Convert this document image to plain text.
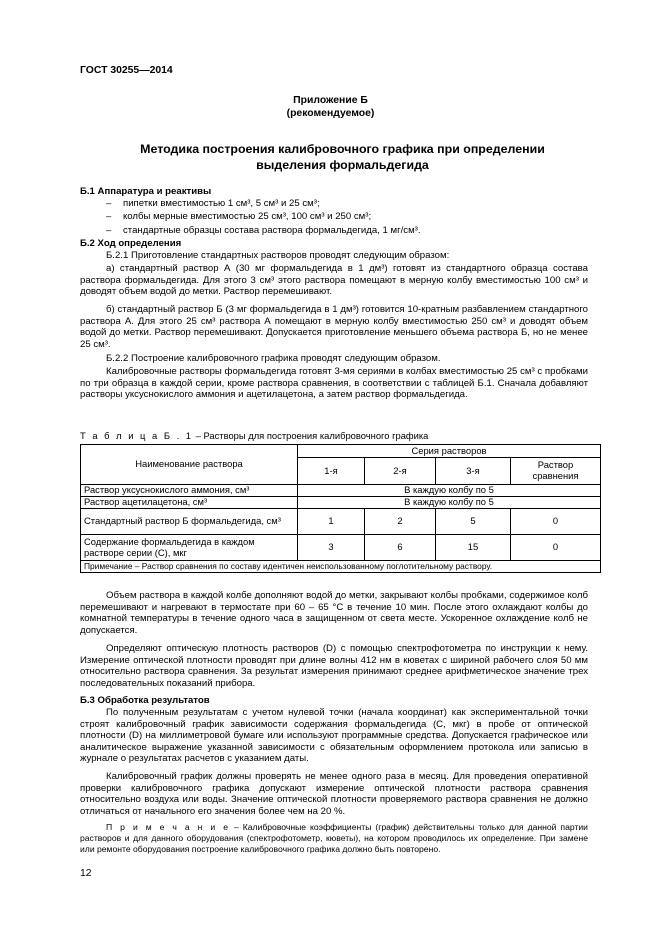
ГОСТ 30255—2014
Приложение Б
(рекомендуемое)
Методика построения калибровочного графика при определении
выделения формальдегида
Б.1 Аппаратура и реактивы
– пипетки вместимостью 1 см³, 5 см³ и 25 см³;
– колбы мерные вместимостью 25 см³, 100 см³ и 250 см³;
– стандартные образцы состава раствора формальдегида, 1 мг/см³.
Б.2 Ход определения
Б.2.1 Приготовление стандартных растворов проводят следующим образом:
а) стандартный раствор А (30 мг формальдегида в 1 дм³) готовят из стандартного образца состава раствора формальдегида. Для этого 3 см³ этого раствора помещают в мерную колбу вместимостью 100 см³ и доводят объем водой до метки. Раствор перемешивают.
б) стандартный раствор Б (3 мг формальдегида в 1 дм³) готовится 10-кратным разбавлением стандартного раствора А. Для этого 25 см³ раствора А помещают в мерную колбу вместимостью 250 см³ и доводят объем водой до метки. Раствор перемешивают. Допускается приготовление меньшего объема раствора Б, но не менее 25 см³.
Б.2.2 Построение калибровочного графика проводят следующим образом.
Калибровочные растворы формальдегида готовят 3-мя сериями в колбах вместимостью 25 см³ с пробками по три образца в каждой серии, кроме раствора сравнения, в соответствии с таблицей Б.1. Сначала добавляют растворы уксуснокислого аммония и ацетилацетона, а затем раствор формальдегида.
Т а б л и ц а Б . 1 – Растворы для построения калибровочного графика
Наименование раствора	Серия растворов			
	1-я	2-я	3-я	Раствор сравнения
Раствор уксуснокислого аммония, см³	В каждую колбу по 5			
Раствор ацетилацетона, см³	В каждую колбу по 5			
Стандартный раствор Б формальдегида, см³	1	2	5	0
Содержание формальдегида в каждом растворе серии (С), мкг	3	6	15	0
Примечание – Раствор сравнения по составу идентичен неиспользованному поглотительному раствору.				
Объем раствора в каждой колбе дополняют водой до метки, закрывают колбы пробками, содержимое колб перемешивают и нагревают в термостате при 60 – 65 °С в течение 10 мин. После этого охлаждают колбы до комнатной температуры в течение одного часа в защищенном от света месте. Ускоренное охлаждение колб не допускается.
Определяют оптическую плотность растворов (D) с помощью спектрофотометра по инструкции к нему. Измерение оптической плотности проводят при длине волны 412 нм в кюветах с шириной рабочего слоя 50 мм относительно раствора сравнения. За результат измерения принимают среднее арифметическое значение трех последовательных показаний прибора.
Б.3 Обработка результатов
По полученным результатам с учетом нулевой точки (начала координат) как экспериментальной точки строят калибровочный график зависимости содержания формальдегида (С, мкг) в пробе от оптической плотности (D) на миллиметровой бумаге или используют программные средства. Допускается графическое или аналитическое выражение указанной зависимости с обязательным оформлением протокола или записью в журнале о результатах расчетов с указанием даты.
Калибровочный график должны проверять не менее одного раза в месяц. Для проведения оперативной проверки калибровочного графика допускают измерение оптической плотности раствора сравнения относительно воздуха или воды. Значение оптической плотности проверяемого раствора сравнения не должно отличаться от начального его значения более чем на 20 %.
П р и м е ч а н и е – Калибровочные коэффициенты (график) действительны только для данной партии растворов и для данного оборудования (спектрофотометр, кюветы), на котором проводилось их определение. При замене или ремонте оборудования построение калибровочного графика должно быть повторено.
12
